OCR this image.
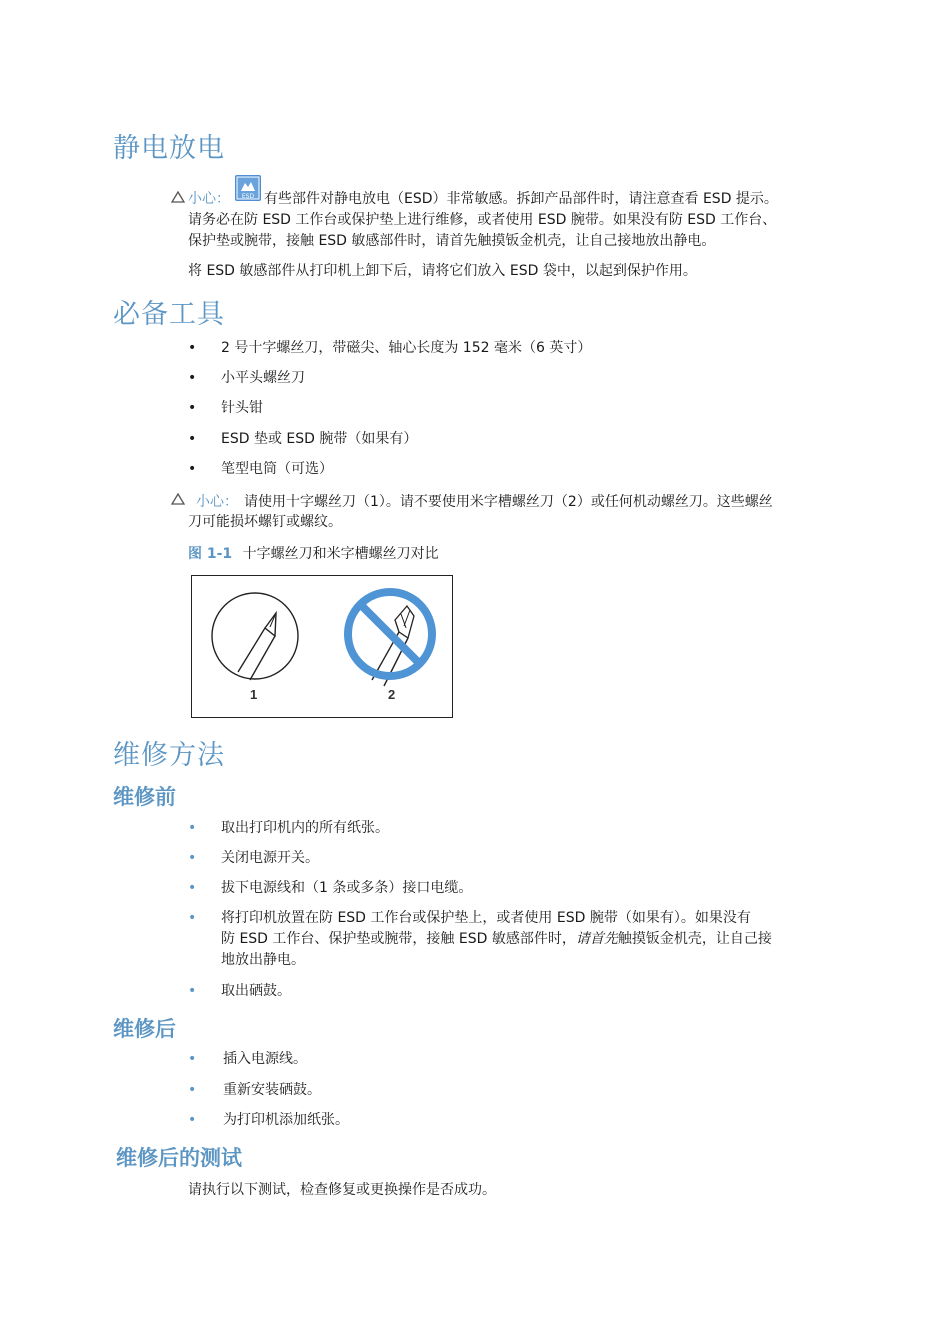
静电放电
小心： ESD 有些部件对静电放电（ESD）非常敏感。拆卸产品部件时，请注意查看 ESD 提示。
请务必在防 ESD 工作台或保护垫上进行维修，或者使用 ESD 腕带。如果没有防 ESD 工作台、
保护垫或腕带，接触 ESD 敏感部件时，请首先触摸钣金机壳，让自己接地放出静电。
将 ESD 敏感部件从打印机上卸下后，请将它们放入 ESD 袋中，以起到保护作用。
必备工具
• 2 号十字螺丝刀，带磁尖、轴心长度为 152 毫米（6 英寸）
• 小平头螺丝刀
• 针头钳
• ESD 垫或 ESD 腕带（如果有）
• 笔型电筒（可选）
小心： 请使用十字螺丝刀（1）。请不要使用米字槽螺丝刀（2）或任何机动螺丝刀。这些螺丝
刀可能损坏螺钉或螺纹。
图 1-1 十字螺丝刀和米字槽螺丝刀对比
1	2
维修方法
维修前
• 取出打印机内的所有纸张。
• 关闭电源开关。
• 拔下电源线和（1 条或多条）接口电缆。
• 将打印机放置在防 ESD 工作台或保护垫上，或者使用 ESD 腕带（如果有）。如果没有
防 ESD 工作台、保护垫或腕带，接触 ESD 敏感部件时，请首先触摸钣金机壳，让自己接
地放出静电。
• 取出硒鼓。
维修后
• 插入电源线。
• 重新安装硒鼓。
• 为打印机添加纸张。
维修后的测试
请执行以下测试，检查修复或更换操作是否成功。
